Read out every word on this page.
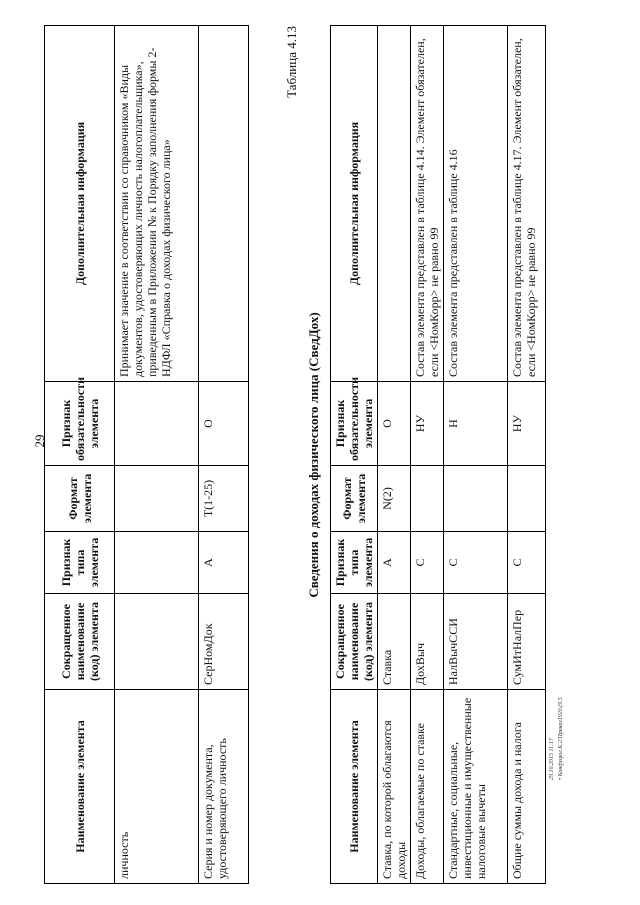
29
29.10.2015 11:17 • Конфуцюл.К.2/Приказ1920.(9.5
Наименование элемента	Сокращенное наименование (код) элемента	Признак типа элемента	Формат элемента	Признак обязательности элемента	Дополнительная информация
личность					Принимает значение в соответствии со справочником «Виды документов, удостоверяющих личность налогоплательщика», приведенным в Приложении № к Порядку заполнения формы 2-НДФЛ «Справка о доходах физического лица»
Серия и номер документа, удостоверяющего личность	СерНомДок	А	T(1-25)	О	
Таблица 4.13
Сведения о доходах физического лица (СведДох)
Наименование элемента	Сокращенное наименование (код) элемента	Признак типа элемента	Формат элемента	Признак обязательности элемента	Дополнительная информация
Ставка, по которой облагаются доходы	Ставка	А	N(2)	О	
Доходы, облагаемые по ставке	ДохВыч	С		НУ	Состав элемента представлен в таблице 4.14. Элемент обязателен, если <НомКорр> не равно 99
Стандартные, социальные, инвестиционные и имущественные налоговые вычеты	НалВычССИ	С		Н	Состав элемента представлен в таблице 4.16
Общие суммы дохода и налога	СумИтНалПер	С		НУ	Состав элемента представлен в таблице 4.17. Элемент обязателен, если <НомКорр> не равно 99
